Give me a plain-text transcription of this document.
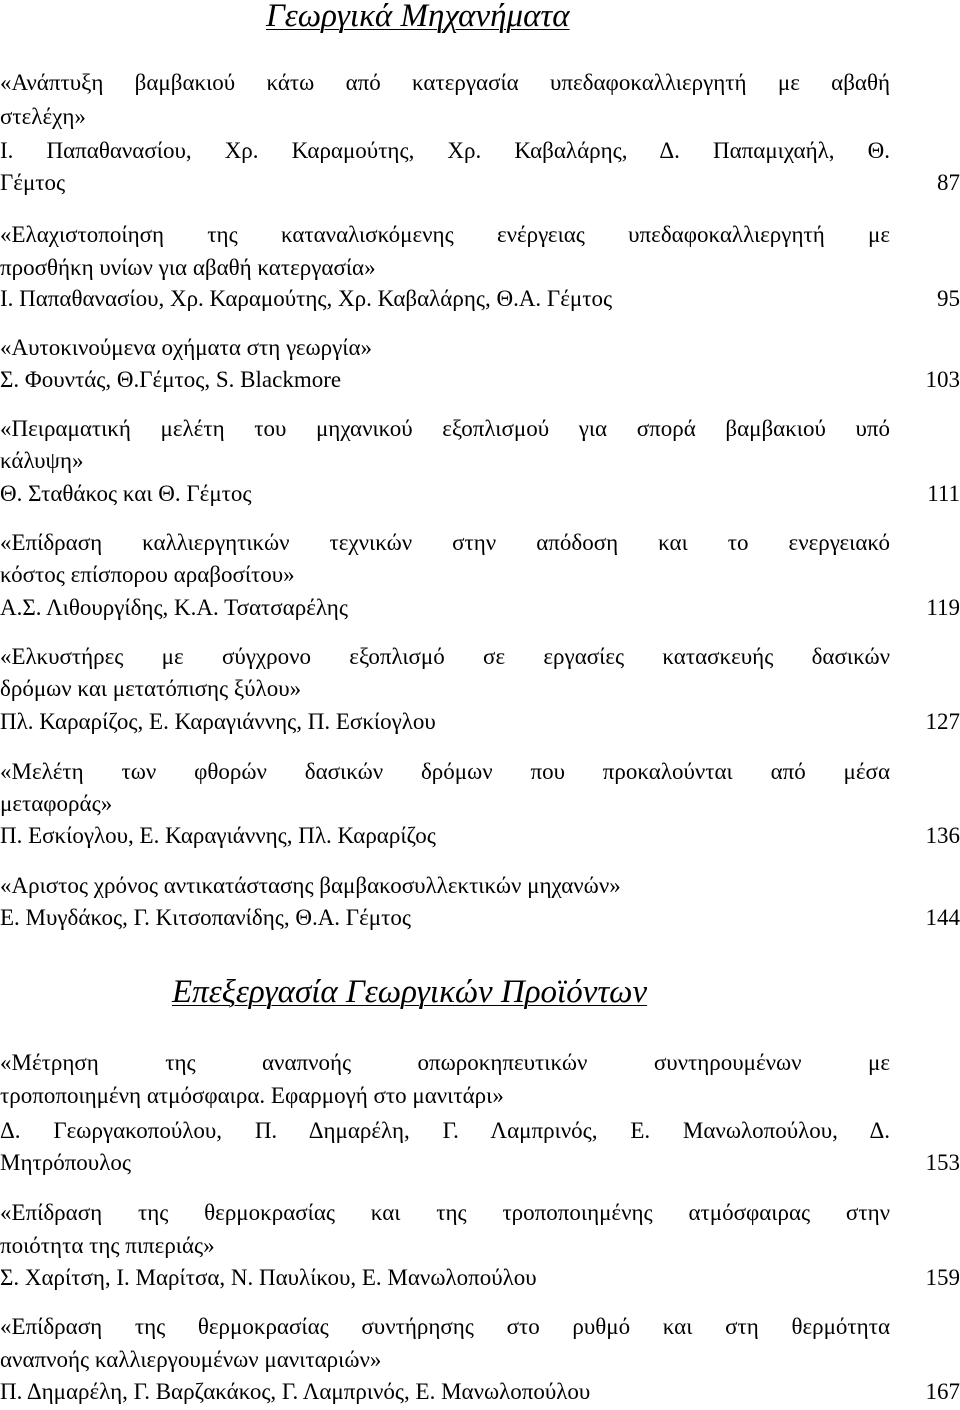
Γεωργικά Μηχανήματα
«Ανάπτυξη βαμβακιού κάτω από κατεργασία υπεδαφοκαλλιεργητή με αβαθή
στελέχη»
Ι. Παπαθανασίου, Χρ. Καραμούτης, Χρ. Καβαλάρης, Δ. Παπαμιχαήλ, Θ.
Γέμτος	87
«Ελαχιστοποίηση της καταναλισκόμενης ενέργειας υπεδαφοκαλλιεργητή με
προσθήκη υνίων για αβαθή κατεργασία»
Ι. Παπαθανασίου, Χρ. Καραμούτης, Χρ. Καβαλάρης, Θ.Α. Γέμτος	95
«Αυτοκινούμενα οχήματα στη γεωργία»
Σ. Φουντάς, Θ.Γέμτος, S. Blackmore	103
«Πειραματική μελέτη του μηχανικού εξοπλισμού για σπορά βαμβακιού υπό
κάλυψη»
Θ. Σταθάκος και Θ. Γέμτος	111
«Επίδραση καλλιεργητικών τεχνικών στην απόδοση και το ενεργειακό
κόστος επίσπορου αραβοσίτου»
Α.Σ. Λιθουργίδης, Κ.Α. Τσατσαρέλης	119
«Ελκυστήρες με σύγχρονο εξοπλισμό σε εργασίες κατασκευής δασικών
δρόμων και μετατόπισης ξύλου»
Πλ. Καραρίζος, Ε. Καραγιάννης, Π. Εσκίογλου	127
«Μελέτη των φθορών δασικών δρόμων που προκαλούνται από μέσα
μεταφοράς»
Π. Εσκίογλου, Ε. Καραγιάννης, Πλ. Καραρίζος	136
«Αριστος χρόνος αντικατάστασης βαμβακοσυλλεκτικών μηχανών»
Ε. Μυγδάκος, Γ. Κιτσοπανίδης, Θ.Α. Γέμτος	144
Επεξεργασία Γεωργικών Προϊόντων
«Μέτρηση της αναπνοής οπωροκηπευτικών συντηρουμένων με
τροποποιημένη ατμόσφαιρα. Εφαρμογή στο μανιτάρι»
Δ. Γεωργακοπούλου, Π. Δημαρέλη, Γ. Λαμπρινός, Ε. Μανωλοπούλου, Δ.
Μητρόπουλος	153
«Επίδραση της θερμοκρασίας και της τροποποιημένης ατμόσφαιρας στην
ποιότητα της πιπεριάς»
Σ. Χαρίτση, Ι. Μαρίτσα, Ν. Παυλίκου, Ε. Μανωλοπούλου	159
«Επίδραση της θερμοκρασίας συντήρησης στο ρυθμό και στη θερμότητα
αναπνοής καλλιεργουμένων μανιταριών»
Π. Δημαρέλη, Γ. Βαρζακάκος, Γ. Λαμπρινός, Ε. Μανωλοπούλου	167
